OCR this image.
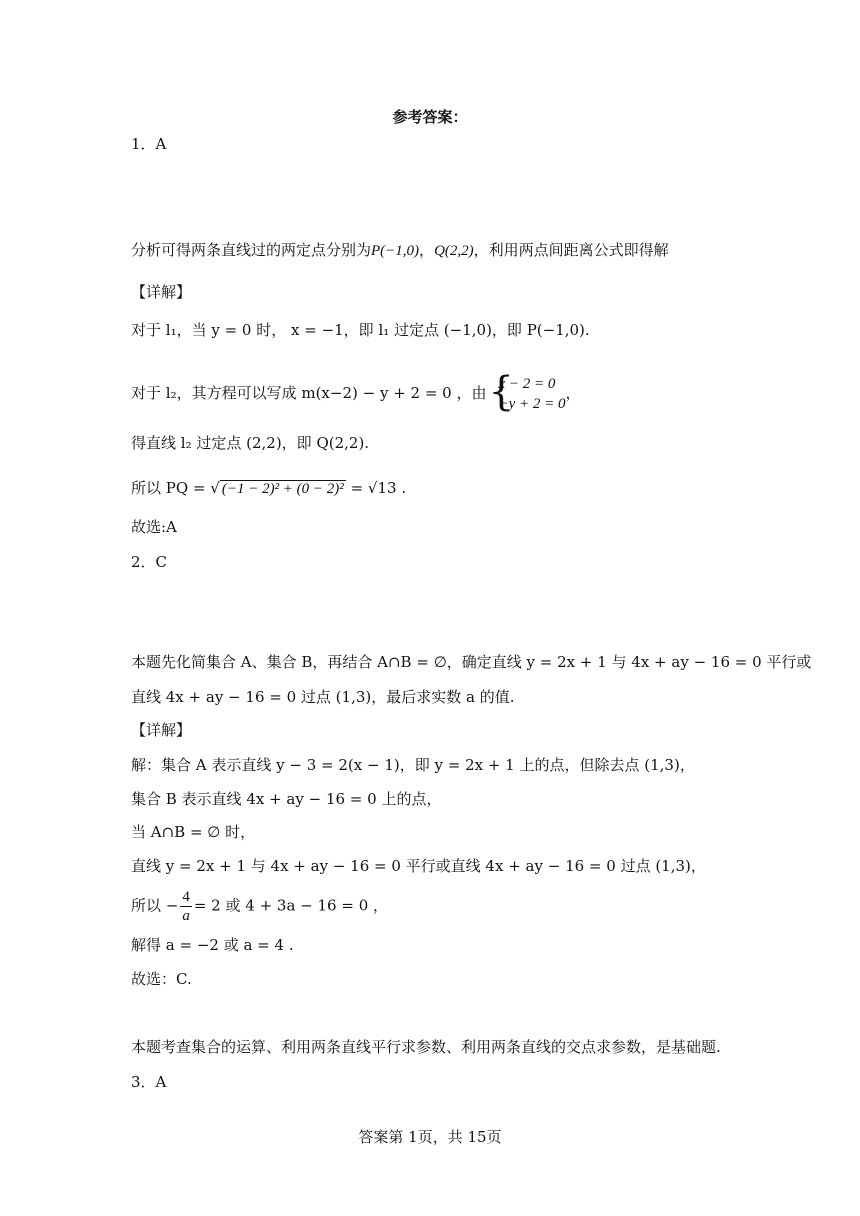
参考答案：
1．A
分析可得两条直线过的两定点分别为P(−1,0)，Q(2,2)，利用两点间距离公式即得解
【详解】
对于 l₁，当 y = 0 时， x = −1，即 l₁ 过定点 (−1,0)，即 P(−1,0).
对于 l₂，其方程可以写成 m(x−2) − y + 2 = 0 ，由 {
x − 2 = 0
−y + 2 = 0
，
得直线 l₂ 过定点 (2,2)，即 Q(2,2).
所以 PQ = √ (−1 − 2)² + (0 − 2)² = √13 .
故选:A
2．C
本题先化简集合 A、集合 B，再结合 A∩B = ∅，确定直线 y = 2x + 1 与 4x + ay − 16 = 0 平行或
直线 4x + ay − 16 = 0 过点 (1,3)，最后求实数 a 的值.
【详解】
解：集合 A 表示直线 y − 3 = 2(x − 1)，即 y = 2x + 1 上的点，但除去点 (1,3)，
集合 B 表示直线 4x + ay − 16 = 0 上的点，
当 A∩B = ∅ 时，
直线 y = 2x + 1 与 4x + ay − 16 = 0 平行或直线 4x + ay − 16 = 0 过点 (1,3)，
所以 − $\frac{4}{a} = 2$ 或 4 + 3a − 16 = 0 ，
解得 a = −2 或 a = 4 .
故选：C.
本题考查集合的运算、利用两条直线平行求参数、利用两条直线的交点求参数，是基础题.
3．A
答案第 1页，共 15页
